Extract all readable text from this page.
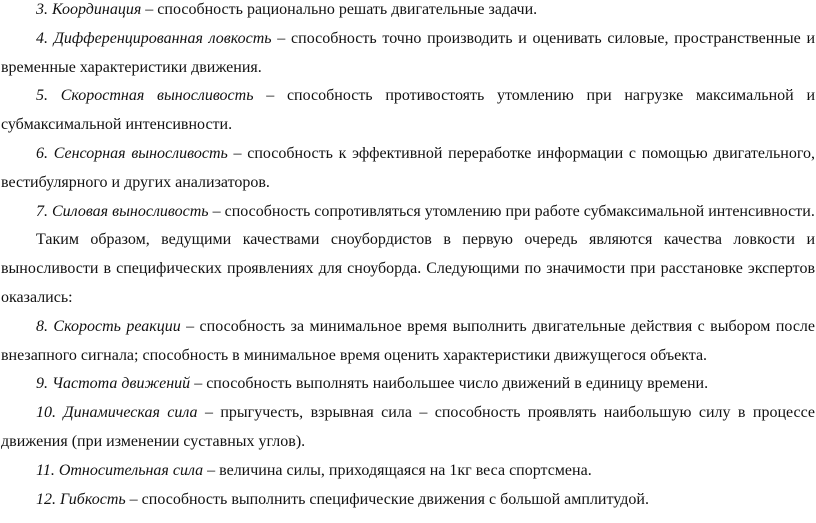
3. Координация – способность рационально решать двигательные задачи.

4. Дифференцированная ловкость – способность точно производить и оценивать силовые, пространственные и временные характеристики движения.

5. Скоростная выносливость – способность противостоять утомлению при нагрузке максимальной и субмаксимальной интенсивности.

6. Сенсорная выносливость – способность к эффективной переработке информации с помощью двигательного, вестибулярного и других анализаторов.

7. Силовая выносливость – способность сопротивляться утомлению при работе субмаксимальной интенсивности.

Таким образом, ведущими качествами сноубордистов в первую очередь являются качества ловкости и выносливости в специфических проявлениях для сноуборда. Следующими по значимости при расстановке экспертов оказались:

8. Скорость реакции – способность за минимальное время выполнить двигательные действия с выбором после внезапного сигнала; способность в минимальное время оценить характеристики движущегося объекта.

9. Частота движений – способность выполнять наибольшее число движений в единицу времени.

10. Динамическая сила – прыгучесть, взрывная сила – способность проявлять наибольшую силу в процессе движения (при изменении суставных углов).

11. Относительная сила – величина силы, приходящаяся на 1кг веса спортсмена.

12. Гибкость – способность выполнить специфические движения с большой амплитудой.
